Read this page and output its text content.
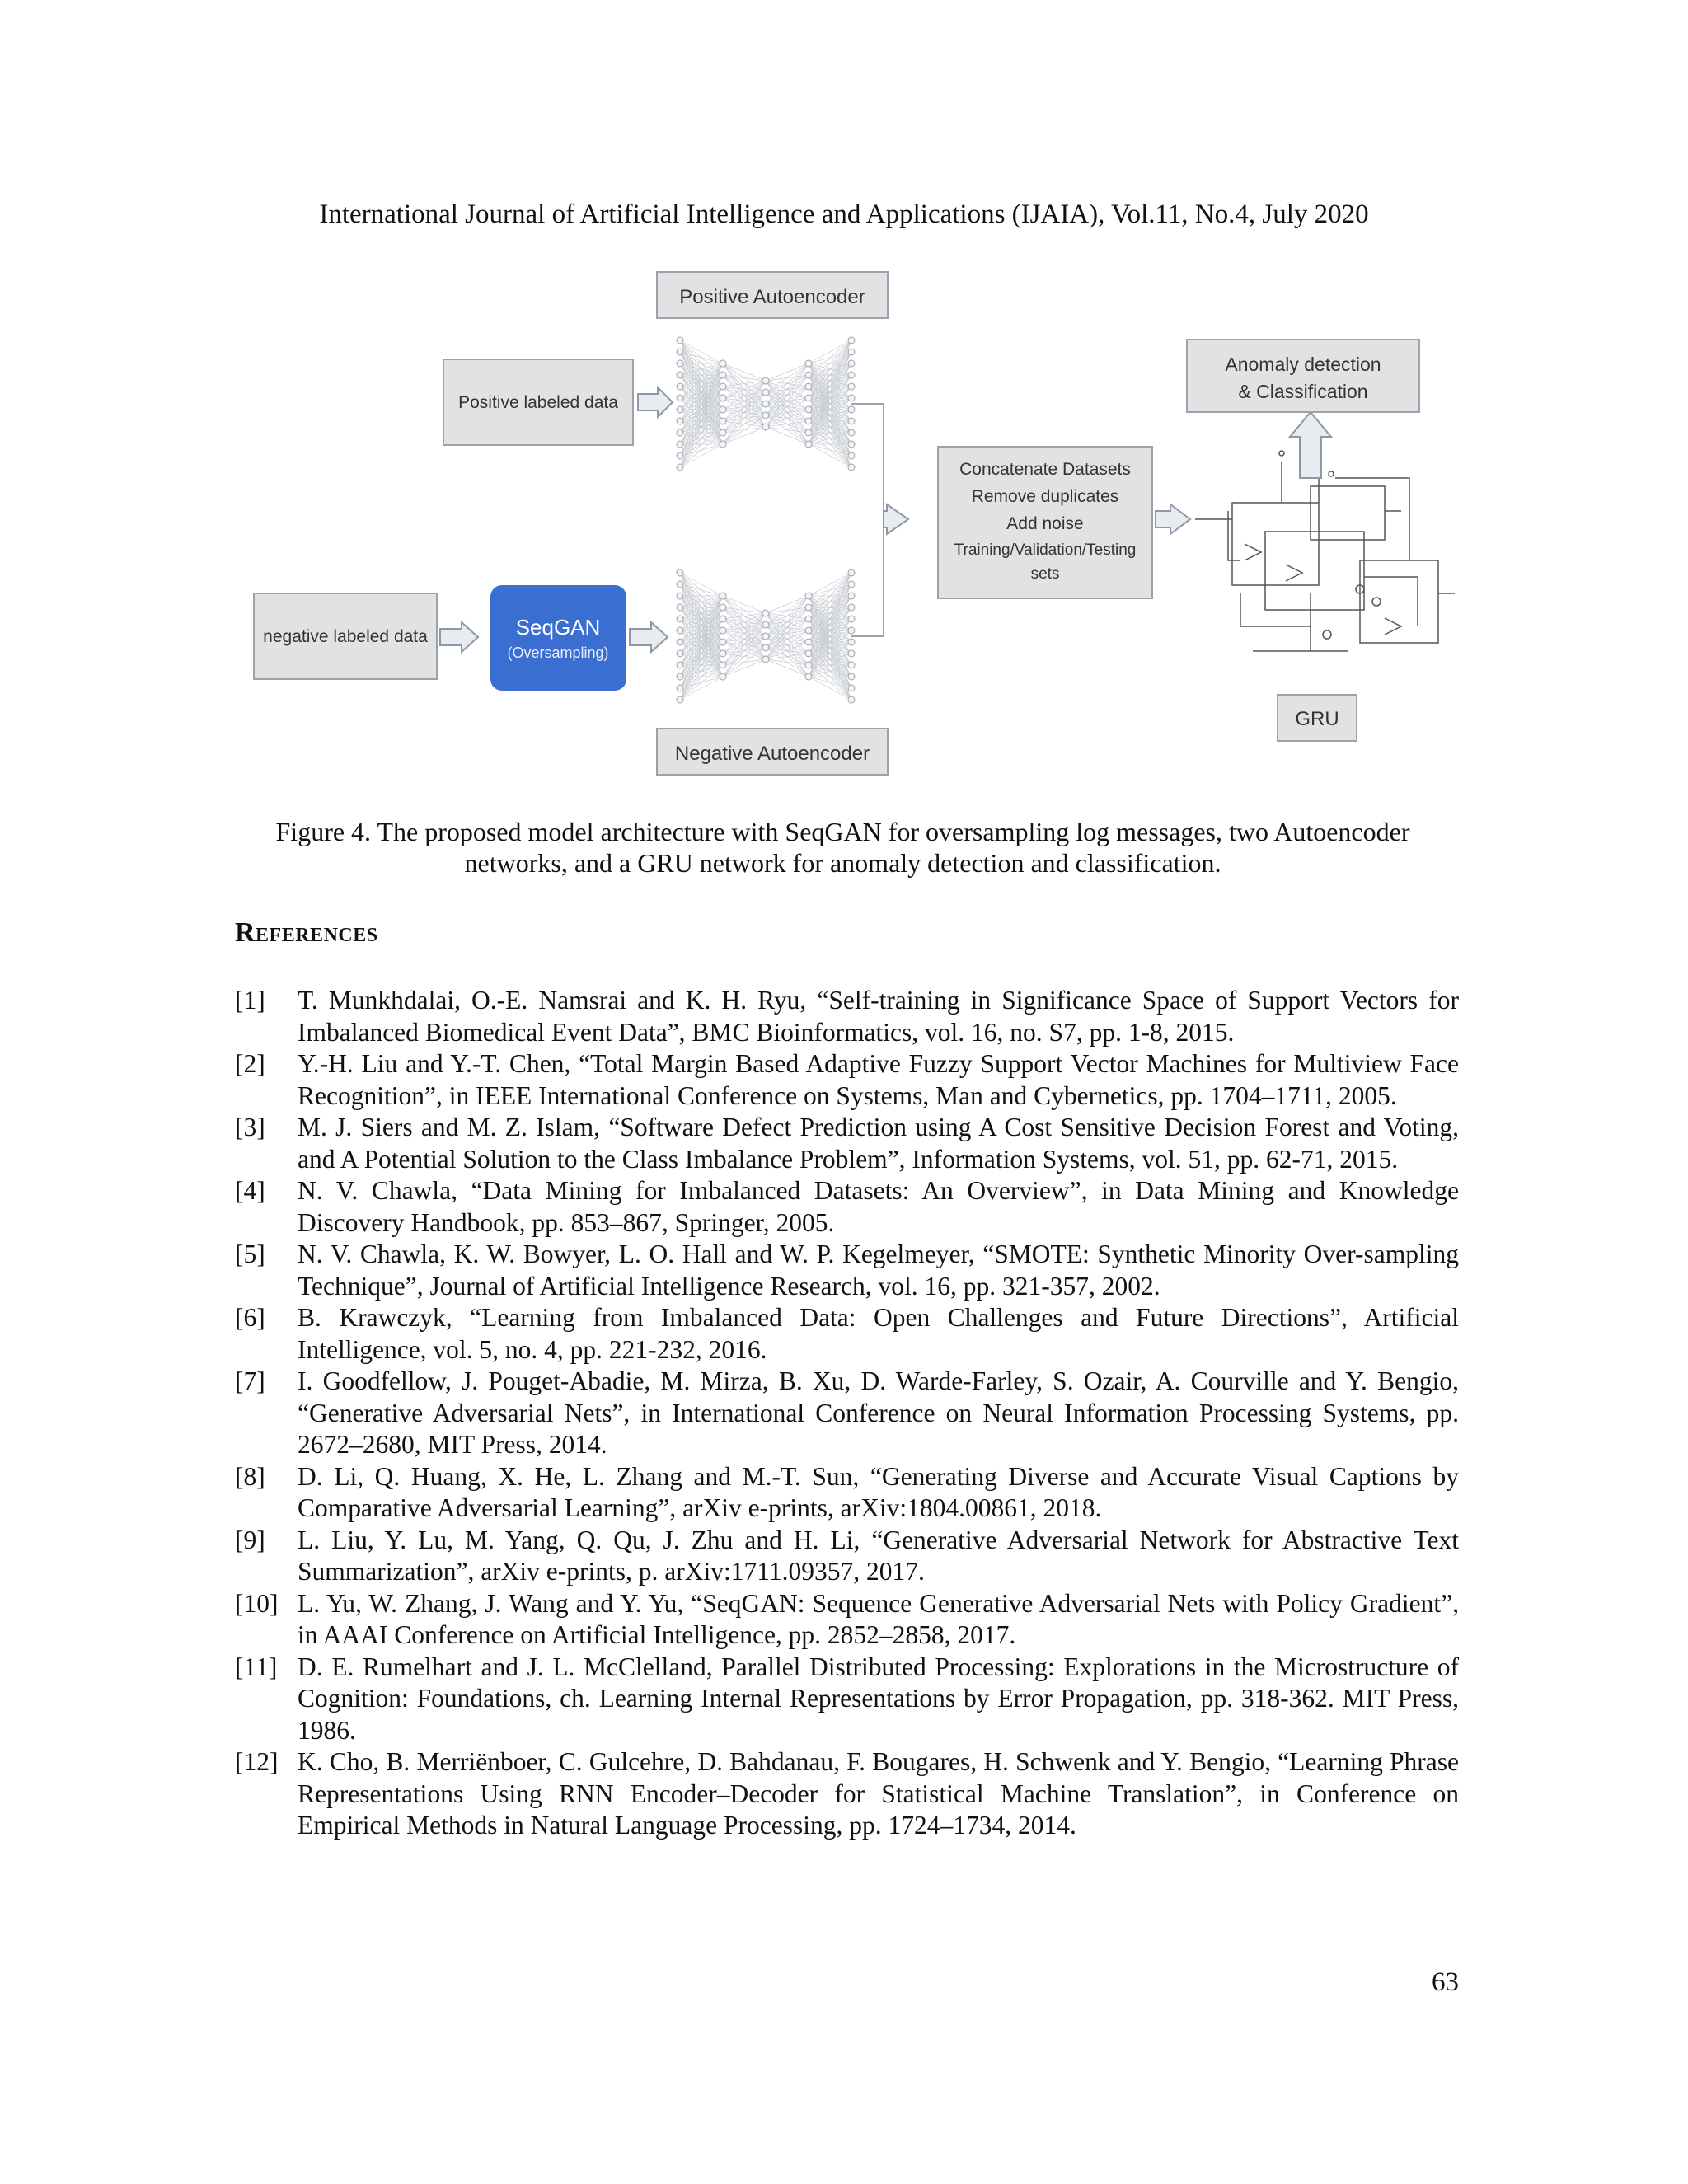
International Journal of Artificial Intelligence and Applications (IJAIA), Vol.11, No.4, July 2020
Positive Autoencoder
Positive labeled data
negative labeled data	SeqGAN
(Oversampling)
Negative Autoencoder
Concatenate Datasets
Remove duplicates
Add noise
Training/Validation/Testing
sets
Anomaly detection
& Classification
GRU
Figure 4. The proposed model architecture with SeqGAN for oversampling log messages, two Autoencoder networks, and a GRU network for anomaly detection and classification.
References
[1]	T. Munkhdalai, O.-E. Namsrai and K. H. Ryu, “Self-training in Significance Space of Support Vectors for Imbalanced Biomedical Event Data”, BMC Bioinformatics, vol. 16, no. S7, pp. 1-8, 2015.
[2]	Y.-H. Liu and Y.-T. Chen, “Total Margin Based Adaptive Fuzzy Support Vector Machines for Multiview Face Recognition”, in IEEE International Conference on Systems, Man and Cybernetics, pp. 1704–1711, 2005.
[3]	M. J. Siers and M. Z. Islam, “Software Defect Prediction using A Cost Sensitive Decision Forest and Voting, and A Potential Solution to the Class Imbalance Problem”, Information Systems, vol. 51, pp. 62-71, 2015.
[4]	N. V. Chawla, “Data Mining for Imbalanced Datasets: An Overview”, in Data Mining and Knowledge Discovery Handbook, pp. 853–867, Springer, 2005.
[5]	N. V. Chawla, K. W. Bowyer, L. O. Hall and W. P. Kegelmeyer, “SMOTE: Synthetic Minority Over-sampling Technique”, Journal of Artificial Intelligence Research, vol. 16, pp. 321-357, 2002.
[6]	B. Krawczyk, “Learning from Imbalanced Data: Open Challenges and Future Directions”, Artificial Intelligence, vol. 5, no. 4, pp. 221-232, 2016.
[7]	I. Goodfellow, J. Pouget-Abadie, M. Mirza, B. Xu, D. Warde-Farley, S. Ozair, A. Courville and Y. Bengio, “Generative Adversarial Nets”, in International Conference on Neural Information Processing Systems, pp. 2672–2680, MIT Press, 2014.
[8]	D. Li, Q. Huang, X. He, L. Zhang and M.-T. Sun, “Generating Diverse and Accurate Visual Captions by Comparative Adversarial Learning”, arXiv e-prints, arXiv:1804.00861, 2018.
[9]	L. Liu, Y. Lu, M. Yang, Q. Qu, J. Zhu and H. Li, “Generative Adversarial Network for Abstractive Text Summarization”, arXiv e-prints, p. arXiv:1711.09357, 2017.
[10] L. Yu, W. Zhang, J. Wang and Y. Yu, “SeqGAN: Sequence Generative Adversarial Nets with Policy Gradient”, in AAAI Conference on Artificial Intelligence, pp. 2852–2858, 2017.
[11] D. E. Rumelhart and J. L. McClelland, Parallel Distributed Processing: Explorations in the Microstructure of Cognition: Foundations, ch. Learning Internal Representations by Error Propagation, pp. 318-362. MIT Press, 1986.
[12] K. Cho, B. Merriënboer, C. Gulcehre, D. Bahdanau, F. Bougares, H. Schwenk and Y. Bengio, “Learning Phrase Representations Using RNN Encoder–Decoder for Statistical Machine Translation”, in Conference on Empirical Methods in Natural Language Processing, pp. 1724–1734, 2014.
63
